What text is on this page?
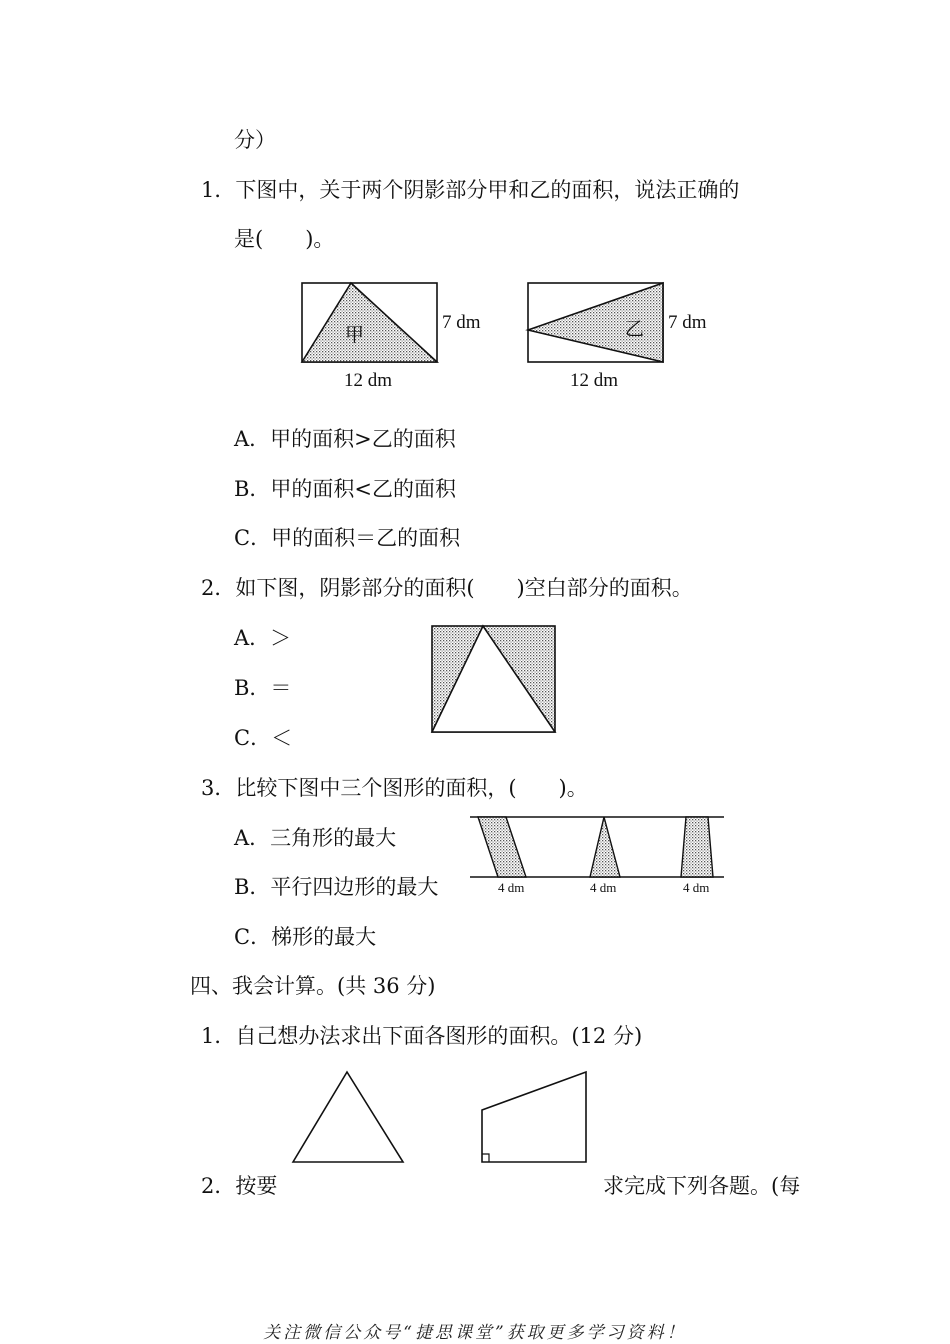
分）
1．下图中，关于两个阴影部分甲和乙的面积，说法正确的
是(　　)。
甲
7 dm
12 dm
乙 7 dm
12 dm
A．甲的面积>乙的面积
B．甲的面积<乙的面积
C．甲的面积＝乙的面积
2．如下图，阴影部分的面积(　　)空白部分的面积。
A．＞
B．＝
C．＜
3．比较下图中三个图形的面积，(　　)。
A．三角形的最大
B．平行四边形的最大
C．梯形的最大
4 dm	4 dm	4 dm
四、我会计算。(共 36 分)
1．自己想办法求出下面各图形的面积。(12 分)
2．按要	求完成下列各题。(每
关注微信公众号“捷思课堂”获取更多学习资料！
